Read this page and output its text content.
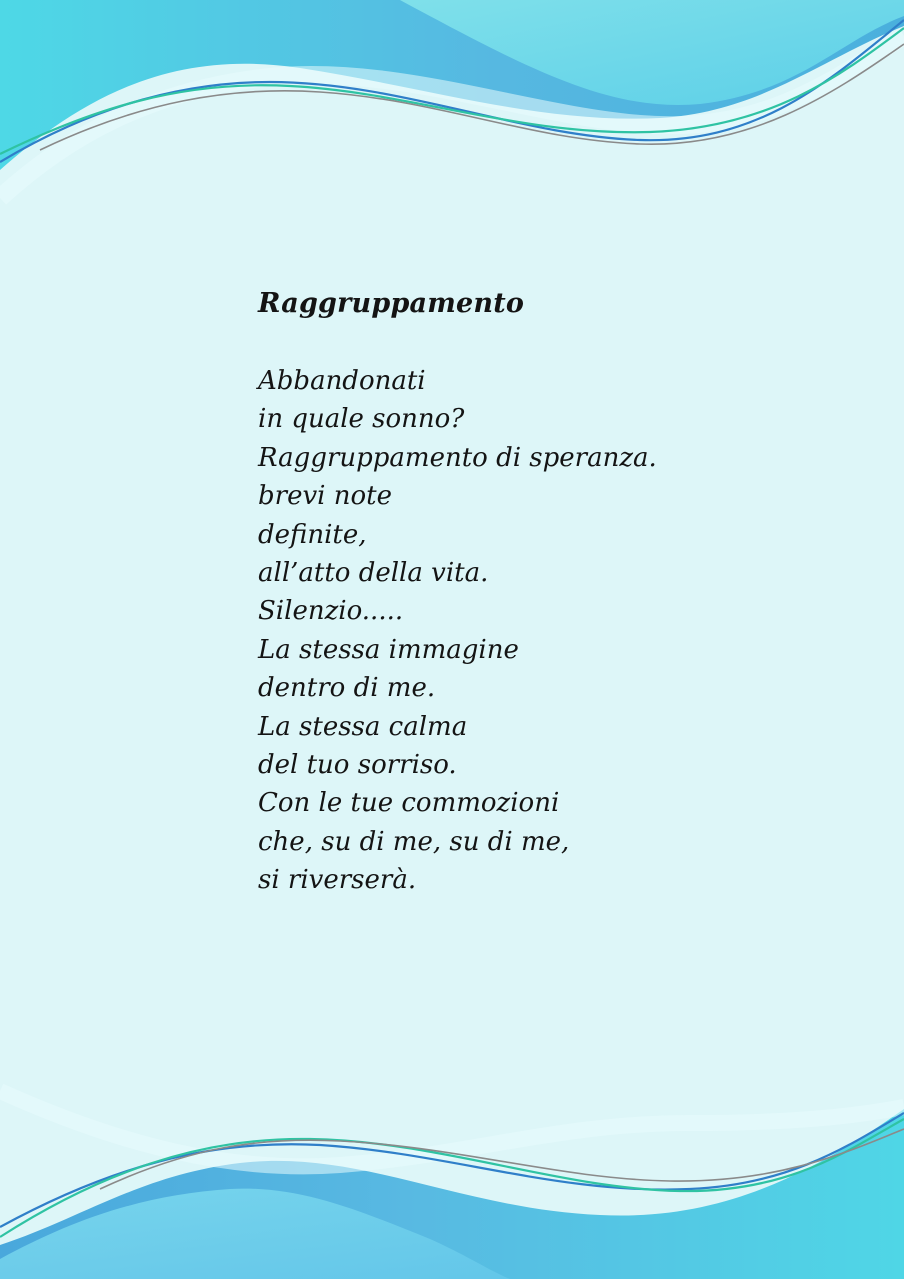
Raggruppamento
Abbandonati
in quale sonno?
Raggruppamento di speranza.
brevi note
definite,
all’atto della vita.
Silenzio.....
La stessa immagine
dentro di me.
La stessa calma
del tuo sorriso.
Con le tue commozioni
che, su di me, su di me,
si riverserà.
